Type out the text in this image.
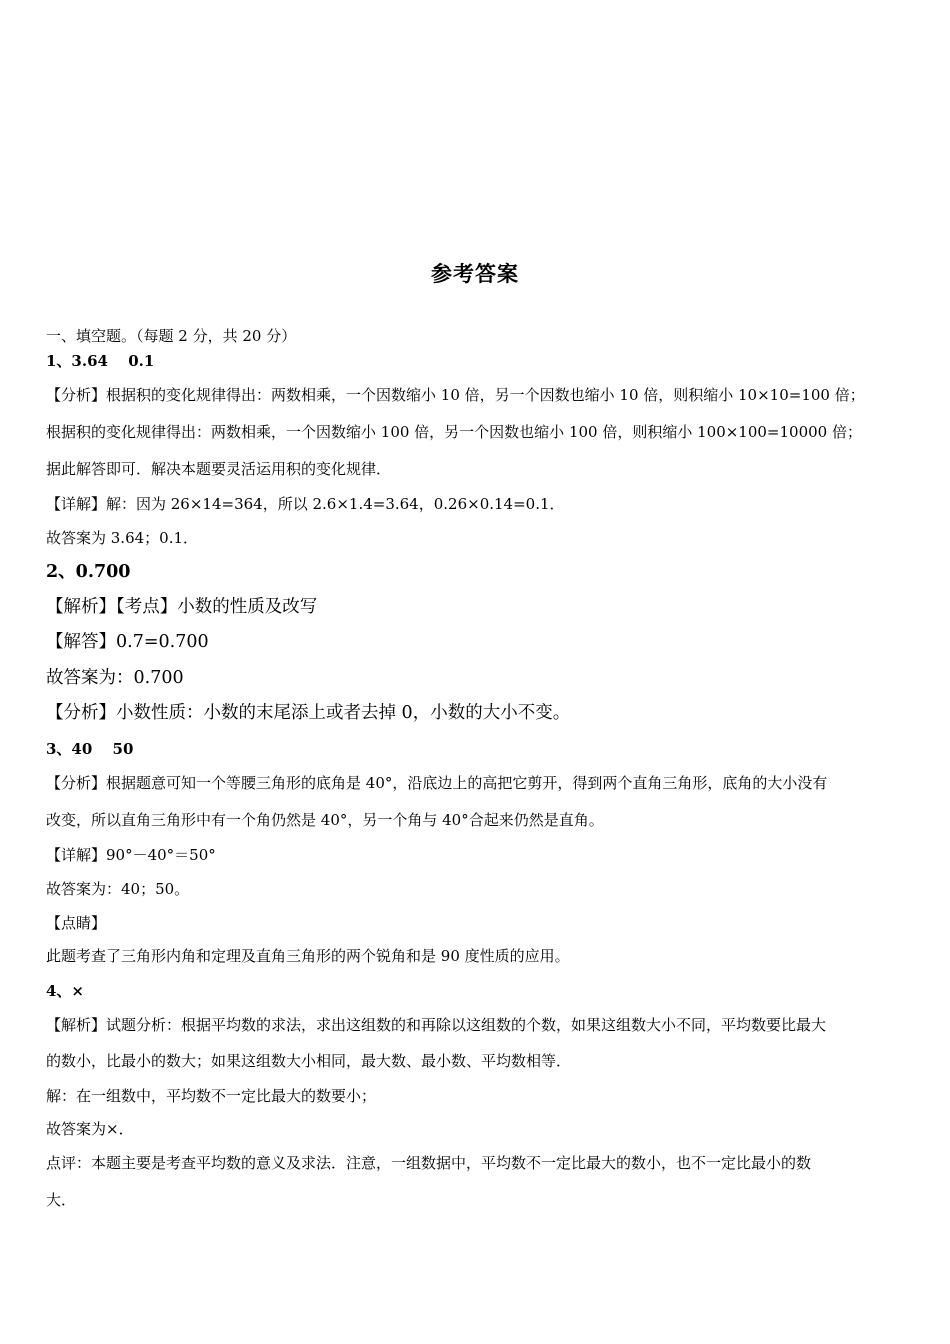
参考答案
一、填空题。（每题 2 分，共 20 分）
1、3.64　 0.1
【分析】根据积的变化规律得出：两数相乘，一个因数缩小 10 倍，另一个因数也缩小 10 倍，则积缩小 10×10=100 倍；
根据积的变化规律得出：两数相乘，一个因数缩小 100 倍，另一个因数也缩小 100 倍，则积缩小 100×100=10000 倍；
据此解答即可．解决本题要灵活运用积的变化规律．
【详解】解：因为 26×14=364，所以 2.6×1.4=3.64，0.26×0.14=0.1．
故答案为 3.64；0.1．
2、0.700
【解析】【考点】小数的性质及改写
【解答】0.7=0.700
故答案为：0.700
【分析】小数性质：小数的末尾添上或者去掉 0，小数的大小不变。
3、40　 50
【分析】根据题意可知一个等腰三角形的底角是 40°，沿底边上的高把它剪开，得到两个直角三角形，底角的大小没有
改变，所以直角三角形中有一个角仍然是 40°，另一个角与 40°合起来仍然是直角。
【详解】90°－40°＝50°
故答案为：40；50。
【点睛】
此题考查了三角形内角和定理及直角三角形的两个锐角和是 90 度性质的应用。
4、×
【解析】试题分析：根据平均数的求法，求出这组数的和再除以这组数的个数，如果这组数大小不同，平均数要比最大
的数小，比最小的数大；如果这组数大小相同，最大数、最小数、平均数相等．
解：在一组数中，平均数不一定比最大的数要小；
故答案为×．
点评：本题主要是考查平均数的意义及求法．注意，一组数据中，平均数不一定比最大的数小，也不一定比最小的数
大．
